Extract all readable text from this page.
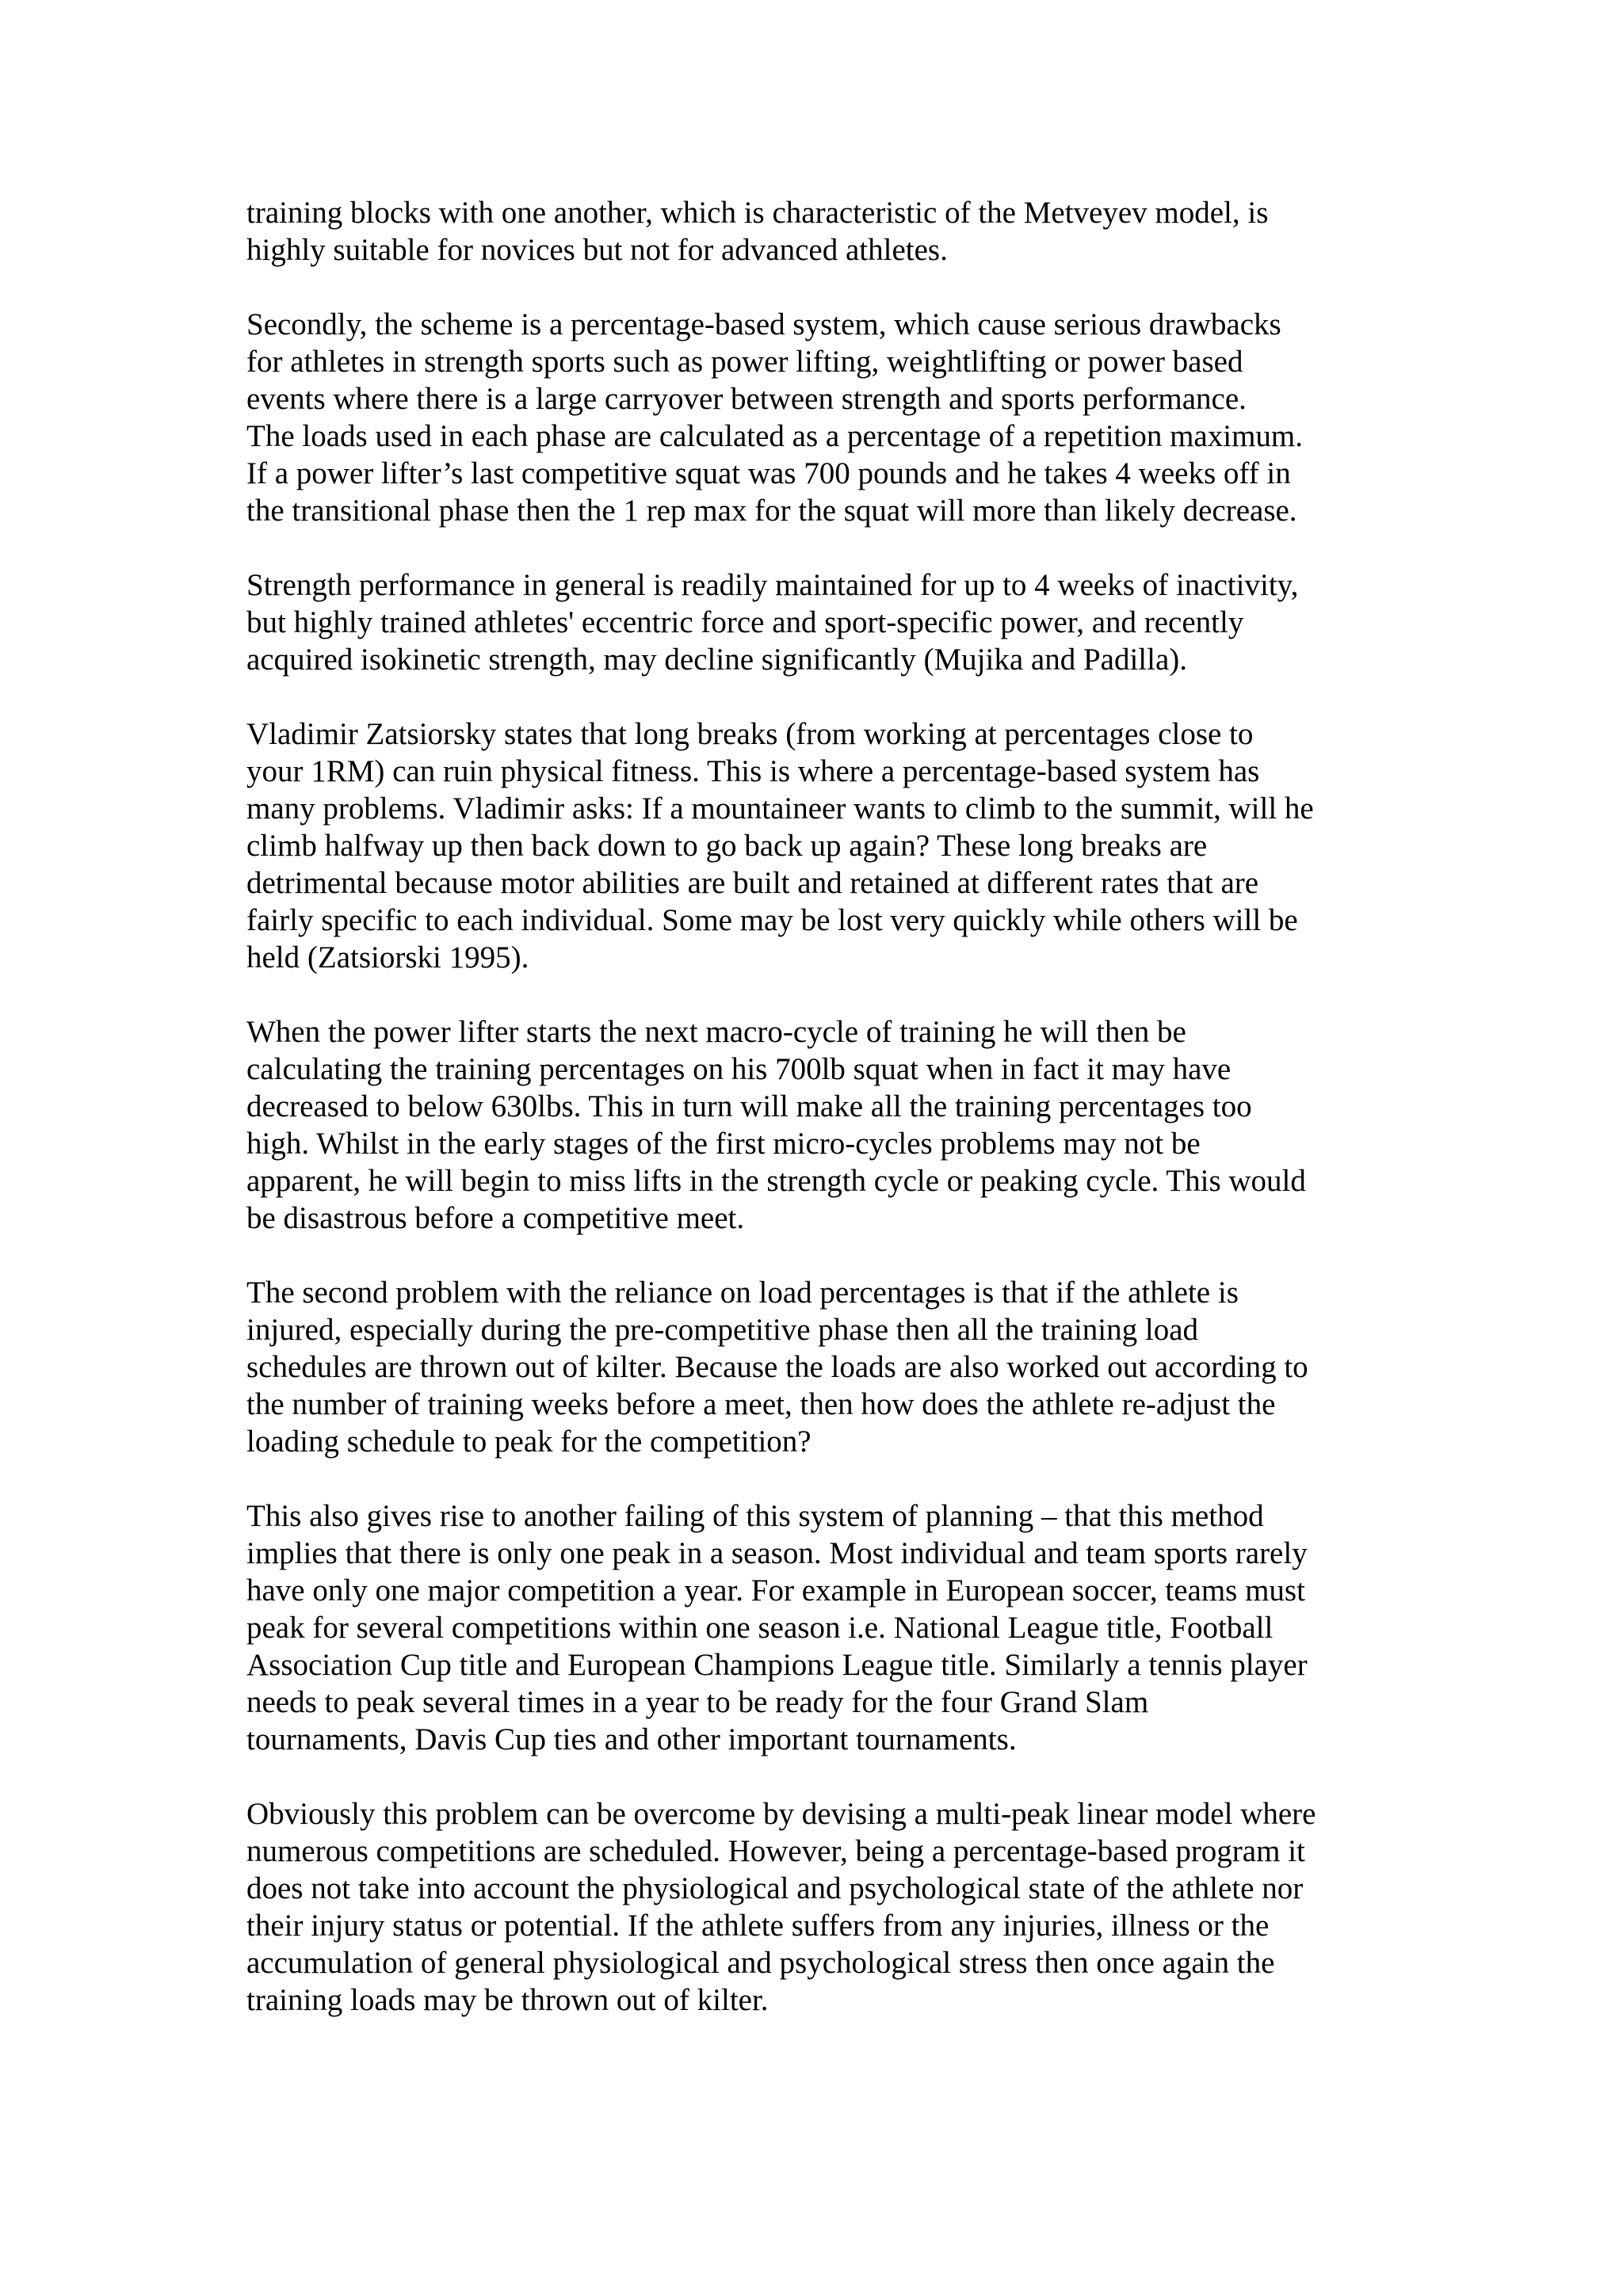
training blocks with one another, which is characteristic of the Metveyev model, is
highly suitable for novices but not for advanced athletes.
Secondly, the scheme is a percentage-based system, which cause serious drawbacks
for athletes in strength sports such as power lifting, weightlifting or power based
events where there is a large carryover between strength and sports performance.
The loads used in each phase are calculated as a percentage of a repetition maximum.
If a power lifter’s last competitive squat was 700 pounds and he takes 4 weeks off in
the transitional phase then the 1 rep max for the squat will more than likely decrease.
Strength performance in general is readily maintained for up to 4 weeks of inactivity,
but highly trained athletes' eccentric force and sport-specific power, and recently
acquired isokinetic strength, may decline significantly (Mujika and Padilla).
Vladimir Zatsiorsky states that long breaks (from working at percentages close to
your 1RM) can ruin physical fitness. This is where a percentage-based system has
many problems. Vladimir asks: If a mountaineer wants to climb to the summit, will he
climb halfway up then back down to go back up again? These long breaks are
detrimental because motor abilities are built and retained at different rates that are
fairly specific to each individual. Some may be lost very quickly while others will be
held (Zatsiorski 1995).
When the power lifter starts the next macro-cycle of training he will then be
calculating the training percentages on his 700lb squat when in fact it may have
decreased to below 630lbs. This in turn will make all the training percentages too
high. Whilst in the early stages of the first micro-cycles problems may not be
apparent, he will begin to miss lifts in the strength cycle or peaking cycle. This would
be disastrous before a competitive meet.
The second problem with the reliance on load percentages is that if the athlete is
injured, especially during the pre-competitive phase then all the training load
schedules are thrown out of kilter. Because the loads are also worked out according to
the number of training weeks before a meet, then how does the athlete re-adjust the
loading schedule to peak for the competition?
This also gives rise to another failing of this system of planning – that this method
implies that there is only one peak in a season. Most individual and team sports rarely
have only one major competition a year. For example in European soccer, teams must
peak for several competitions within one season i.e. National League title, Football
Association Cup title and European Champions League title. Similarly a tennis player
needs to peak several times in a year to be ready for the four Grand Slam
tournaments, Davis Cup ties and other important tournaments.
Obviously this problem can be overcome by devising a multi-peak linear model where
numerous competitions are scheduled. However, being a percentage-based program it
does not take into account the physiological and psychological state of the athlete nor
their injury status or potential. If the athlete suffers from any injuries, illness or the
accumulation of general physiological and psychological stress then once again the
training loads may be thrown out of kilter.
